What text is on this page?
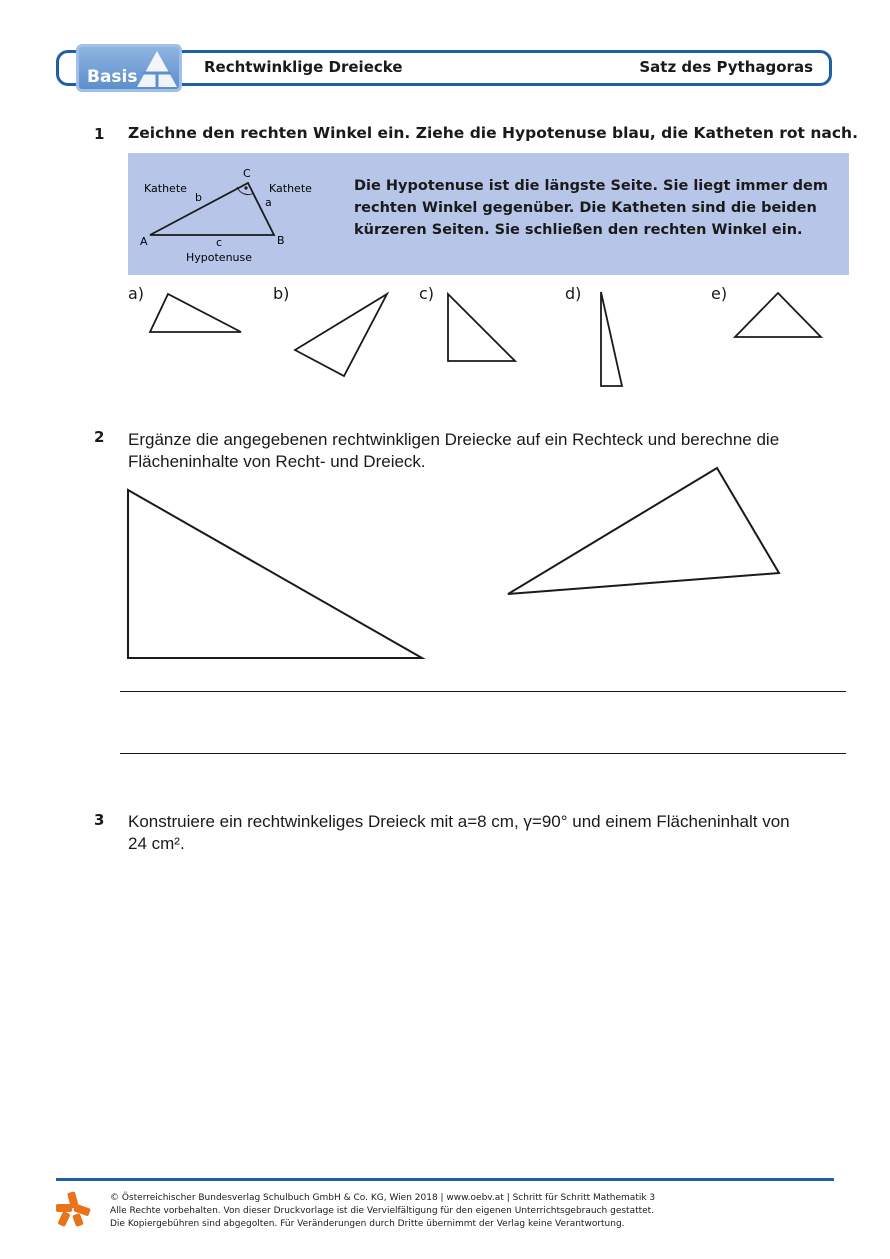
Basis	Rechtwinklige Dreiecke	Satz des Pythagoras
1 Zeichne den rechten Winkel ein. Ziehe die Hypotenuse blau, die Katheten rot nach.
Kathete	Kathete
Hypotenuse
A	B
C
a
b
c
Die Hypotenuse ist die längste Seite. Sie liegt immer dem
rechten Winkel gegenüber. Die Katheten sind die beiden
kürzeren Seiten. Sie schließen den rechten Winkel ein.
a)	b)	c)	d)	e)
2 Ergänze die angegebenen rechtwinkligen Dreiecke auf ein Rechteck und berechne die
Flächeninhalte von Recht- und Dreieck.
3 Konstruiere ein rechtwinkeliges Dreieck mit a=8 cm, γ=90° und einem Flächeninhalt von
24 cm².
© Österreichischer Bundesverlag Schulbuch GmbH & Co. KG, Wien 2018 | www.oebv.at | Schritt für Schritt Mathematik 3
Alle Rechte vorbehalten. Von dieser Druckvorlage ist die Vervielfältigung für den eigenen Unterrichtsgebrauch gestattet.
Die Kopiergebühren sind abgegolten. Für Veränderungen durch Dritte übernimmt der Verlag keine Verantwortung.
